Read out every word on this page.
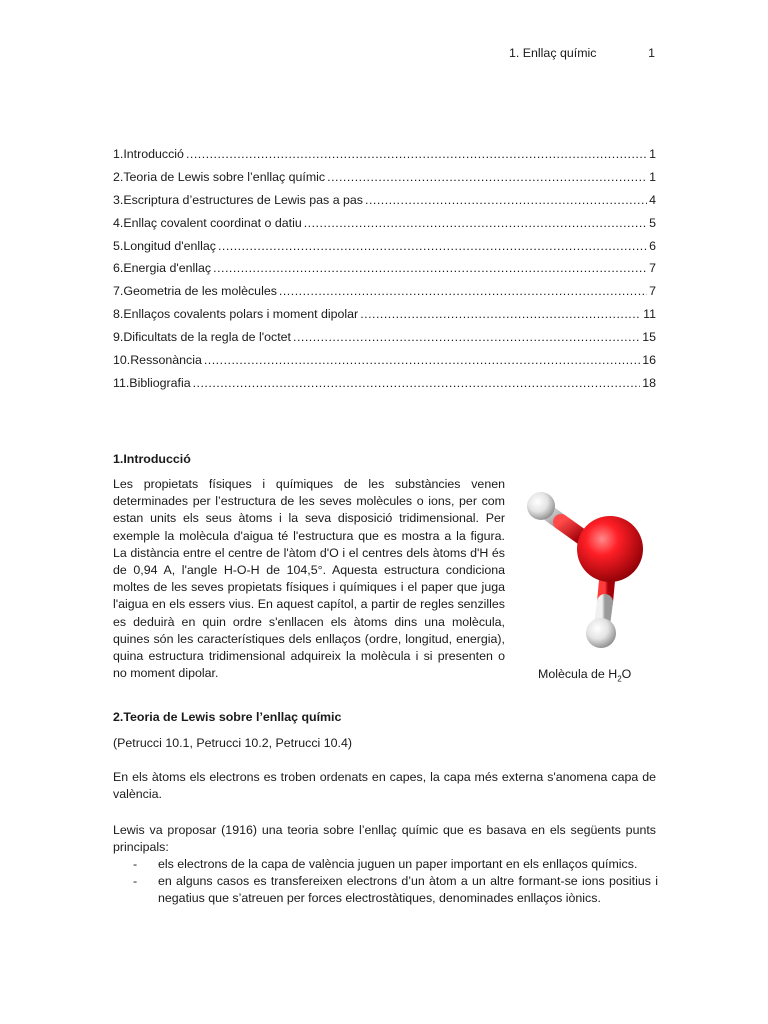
1. Enllaç químic	1
1.Introducció .....	1
2.Teoria de Lewis sobre l’enllaç químic .....	1
3.Escriptura d’estructures de Lewis pas a pas .....	4
4.Enllaç covalent coordinat o datiu .....	5
5.Longitud d'enllaç .....	6
6.Energia d'enllaç .....	7
7.Geometria de les molècules .....	7
8.Enllaços covalents polars i moment dipolar .....	11
9.Dificultats de la regla de l'octet .....	15
10.Ressonància .....	16
11.Bibliografia .....	18
1.Introducció
Les propietats físiques i químiques de les substàncies venen determinades per l’estructura de les seves molècules o ions, per com estan units els seus àtoms i la seva disposició tridimensional. Per exemple la molècula d'aigua té l'estructura que es mostra a la figura. La distància entre el centre de l'àtom d'O i el centres dels àtoms d'H és de 0,94 A, l'angle H-O-H de 104,5°. Aquesta estructura condiciona moltes de les seves propietats físiques i químiques i el paper que juga l'aigua en els essers vius. En aquest capítol, a partir de regles senzilles es deduirà en quin ordre s'enllacen els àtoms dins una molècula, quines són les característiques dels enllaços (ordre, longitud, energia), quina estructura tridimensional adquireix la molècula i si presenten o no moment dipolar.	Molècula de $H_2O$
2.Teoria de Lewis sobre l’enllaç químic
(Petrucci 10.1, Petrucci 10.2, Petrucci 10.4)
En els àtoms els electrons es troben ordenats en capes, la capa més externa s'anomena capa de valència.
Lewis va proposar (1916) una teoria sobre l’enllaç químic que es basava en els següents punts principals:
- els electrons de la capa de valència juguen un paper important en els enllaços químics.
- en alguns casos es transfereixen electrons d’un àtom a un altre formant-se ions positius i negatius que s’atreuen per forces electrostàtiques, denominades enllaços iònics.
